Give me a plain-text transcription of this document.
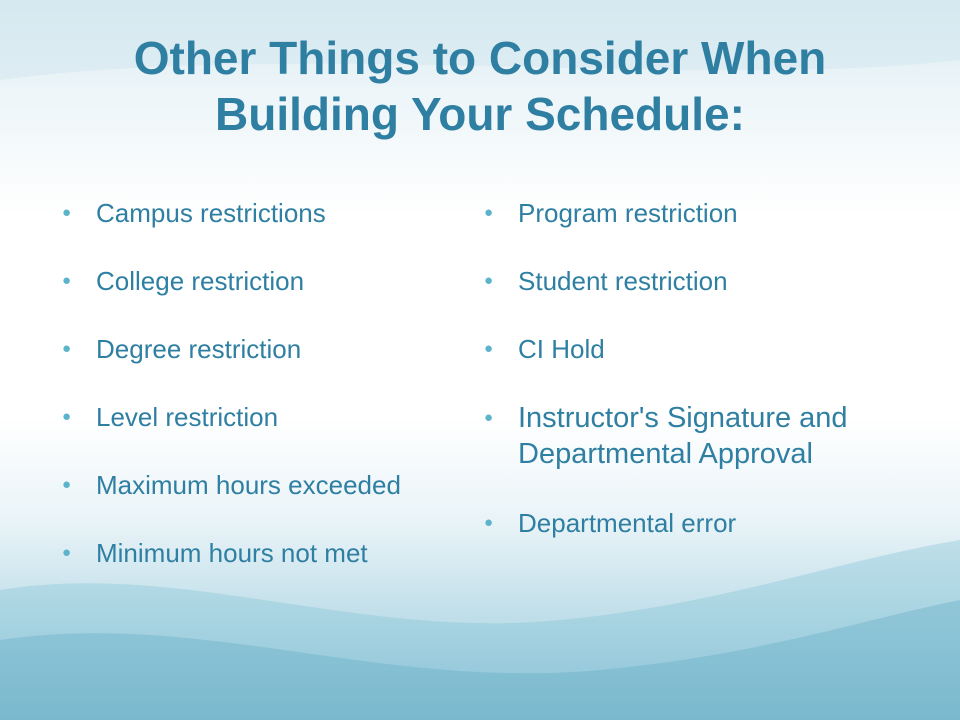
Other Things to Consider When
Building Your Schedule:
● Campus restrictions
● College restriction
● Degree restriction
● Level restriction
● Maximum hours exceeded
● Minimum hours not met
● Program restriction
● Student restriction
● CI Hold
● Instructor's Signature and Departmental Approval
● Departmental error
